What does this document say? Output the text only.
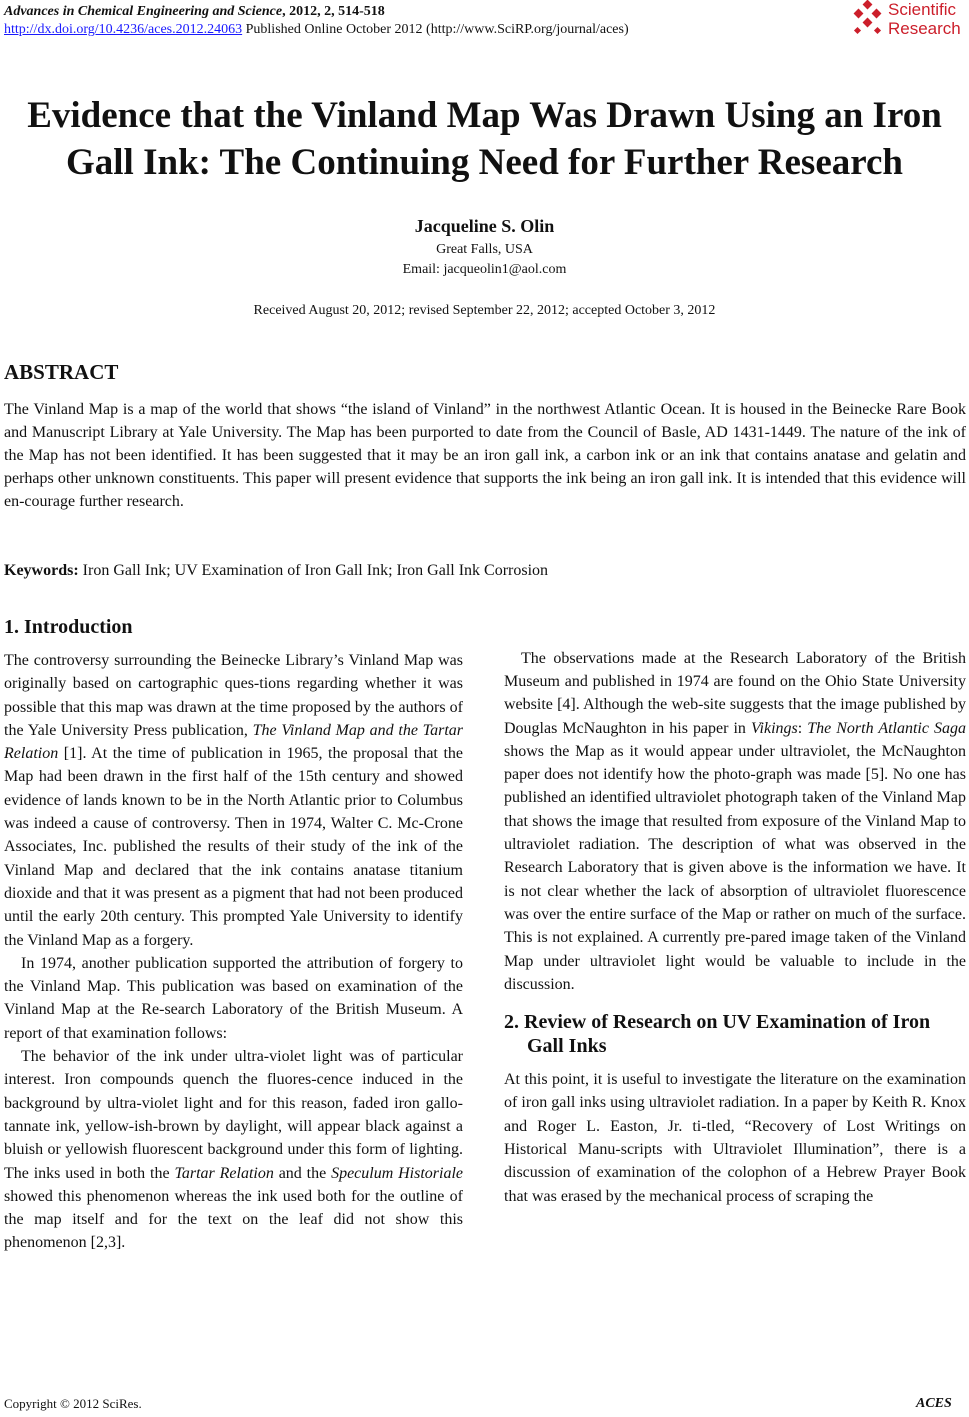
Advances in Chemical Engineering and Science, 2012, 2, 514-518
http://dx.doi.org/10.4236/aces.2012.24063 Published Online October 2012 (http://www.SciRP.org/journal/aces)
Scientific
Research
Evidence that the Vinland Map Was Drawn Using an Iron
Gall Ink: The Continuing Need for Further Research
Jacqueline S. Olin
Great Falls, USA
Email: jacqueolin1@aol.com
Received August 20, 2012; revised September 22, 2012; accepted October 3, 2012
ABSTRACT
The Vinland Map is a map of the world that shows “the island of Vinland” in the northwest Atlantic Ocean. It is housed in the Beinecke Rare Book and Manuscript Library at Yale University. The Map has been purported to date from the Council of Basle, AD 1431-1449. The nature of the ink of the Map has not been identified. It has been suggested that it may be an iron gall ink, a carbon ink or an ink that contains anatase and gelatin and perhaps other unknown constituents. This paper will present evidence that supports the ink being an iron gall ink. It is intended that this evidence will en-courage further research.
Keywords: Iron Gall Ink; UV Examination of Iron Gall Ink; Iron Gall Ink Corrosion
1. Introduction

The controversy surrounding the Beinecke Library’s Vinland Map was originally based on cartographic ques-tions regarding whether it was possible that this map was drawn at the time proposed by the authors of the Yale University Press publication, The Vinland Map and the Tartar Relation [1]. At the time of publication in 1965, the proposal that the Map had been drawn in the first half of the 15th century and showed evidence of lands known to be in the North Atlantic prior to Columbus was indeed a cause of controversy. Then in 1974, Walter C. Mc-Crone Associates, Inc. published the results of their study of the ink of the Vinland Map and declared that the ink contains anatase titanium dioxide and that it was present as a pigment that had not been produced until the early 20th century. This prompted Yale University to identify the Vinland Map as a forgery.

In 1974, another publication supported the attribution of forgery to the Vinland Map. This publication was based on examination of the Vinland Map at the Re-search Laboratory of the British Museum. A report of that examination follows:

The behavior of the ink under ultra-violet light was of particular interest. Iron compounds quench the fluores-cence induced in the background by ultra-violet light and for this reason, faded iron gallo-tannate ink, yellow-ish-brown by daylight, will appear black against a bluish or yellowish fluorescent background under this form of lighting. The inks used in both the Tartar Relation and the Speculum Historiale showed this phenomenon whereas the ink used both for the outline of the map itself and for the text on the leaf did not show this phenomenon [2,3].

The observations made at the Research Laboratory of the British Museum and published in 1974 are found on the Ohio State University website [4]. Although the web-site suggests that the image published by Douglas McNaughton in his paper in Vikings: The North Atlantic Saga shows the Map as it would appear under ultraviolet, the McNaughton paper does not identify how the photo-graph was made [5]. No one has published an identified ultraviolet photograph taken of the Vinland Map that shows the image that resulted from exposure of the Vinland Map to ultraviolet radiation. The description of what was observed in the Research Laboratory that is given above is the information we have. It is not clear whether the lack of absorption of ultraviolet fluorescence was over the entire surface of the Map or rather on much of the surface. This is not explained. A currently pre-pared image taken of the Vinland Map under ultraviolet light would be valuable to include in the discussion.

2. Review of Research on UV Examination of Iron Gall Inks

At this point, it is useful to investigate the literature on the examination of iron gall inks using ultraviolet radiation. In a paper by Keith R. Knox and Roger L. Easton, Jr. ti-tled, “Recovery of Lost Writings on Historical Manu-scripts with Ultraviolet Illumination”, there is a discussion of examination of the colophon of a Hebrew Prayer Book that was erased by the mechanical process of scraping the

Copyright © 2012 SciRes.	ACES
